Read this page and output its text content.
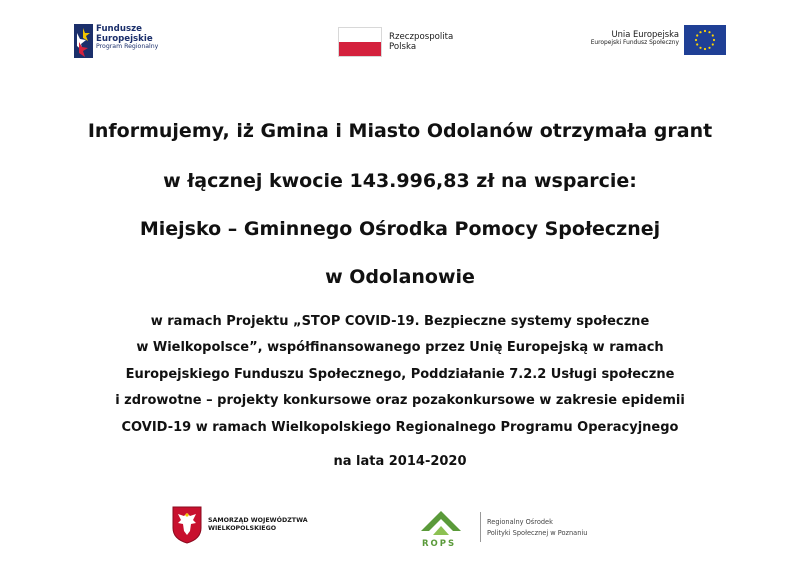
Fundusze
Europejskie
Program Regionalny
Rzeczpospolita
Polska
Unia Europejska
Europejski Fundusz Społeczny
Informujemy, iż Gmina i Miasto Odolanów otrzymała grant
w łącznej kwocie 143.996,83 zł na wsparcie:
Miejsko – Gminnego Ośrodka Pomocy Społecznej
w Odolanowie
w ramach Projektu „STOP COVID-19. Bezpieczne systemy społeczne
w Wielkopolsce”, współfinansowanego przez Unię Europejską w ramach
Europejskiego Funduszu Społecznego, Poddziałanie 7.2.2 Usługi społeczne
i zdrowotne – projekty konkursowe oraz pozakonkursowe w zakresie epidemii
COVID-19 w ramach Wielkopolskiego Regionalnego Programu Operacyjnego
na lata 2014-2020
SAMORZĄD WOJEWÓDZTWA
WIELKOPOLSKIEGO
ROPS
Regionalny Ośrodek
Polityki Społecznej w Poznaniu
